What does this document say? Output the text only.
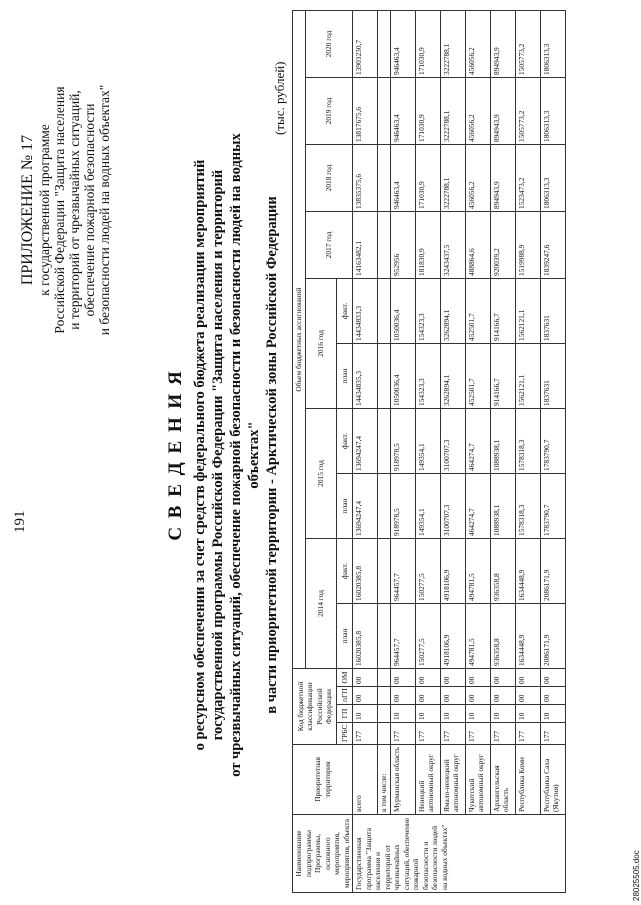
191
ПРИЛОЖЕНИЕ № 17 к государственной программе Российской Федерации "Защита населения и территорий от чрезвычайных ситуаций, обеспечение пожарной безопасности и безопасности людей на водных объектах"
С В Е Д Е Н И Я о ресурсном обеспечении за счет средств федерального бюджета реализации мероприятий государственной программы Российской Федерации "Защита населения и территорий от чрезвычайных ситуаций, обеспечение пожарной безопасности и безопасности людей на водных объектах" в части приоритетной территории - Арктической зоны Российской Федерации
(тыс. рублей)
Наименование подпрограммы Программы, основного мероприятия, мероприятия, объекта	Приоритетная территория	Код бюджетной классификации Российской Федерации				Объем бюджетных ассигнований									
						2014 год		2015 год		2016 год		2017 год	2018 год	2019 год	2020 год
		ГРБС	ГП	пГП	ОМ	план	факт.	план	факт.	план	факт.				

Государственная программа "Защита населения и территорий от чрезвычайных ситуаций, обеспечение пожарной безопасности и безопасности людей на водных объектах"	всего	177	10	00	00	16020385,8	16020385,8	13694247,4	13694247,4	14434835,3	14434833,3	14163482,1	13835375,6	13817675,6	13903230,7
	в том числе:														
	Мурманская область	177	10	00	00	964457,7	964457,7	918978,5	918978,5	1050036,4	1050036,4	952956	946463,4	946463,4	946463,4
	Ненецкий автономный округ	177	10	00	00	150277,5	150277,5	149354,1	149354,1	154323,3	154323,3	181830,9	171030,9	171030,9	171030,9
	Ямало-ненецкий автономный округ	177	10	00	00	4918106,9	4918106,9	3100707,3	3100707,3	3262894,1	3262894,1	3243437,5	3222788,1	3222788,1	3222788,1
	Чукотский автономный округ	177	10	00	00	494781,5	494781,5	464274,7	464274,7	452501,7	452501,7	488864,6	456056,2	456056,2	456056,2
	Архангельская область	177	10	00	00	936358,8	936358,8	1088938,1	1088938,1	914166,7	914166,7	920039,2	894943,9	894943,9	894943,9
	Республика Коми	177	10	00	00	1634448,9	1634448,9	1578318,3	1578318,3	1562121,1	1562121,1	1519988,9	1523473,2	1505773,2	1505773,2
	Республика Саха (Якутия)	177	10	00	00	2086171,9	2086171,9	1783790,7	1783790,7	1837631	1837631	1839247,6	1806313,3	1806313,3	1806313,3
28025505.doc
